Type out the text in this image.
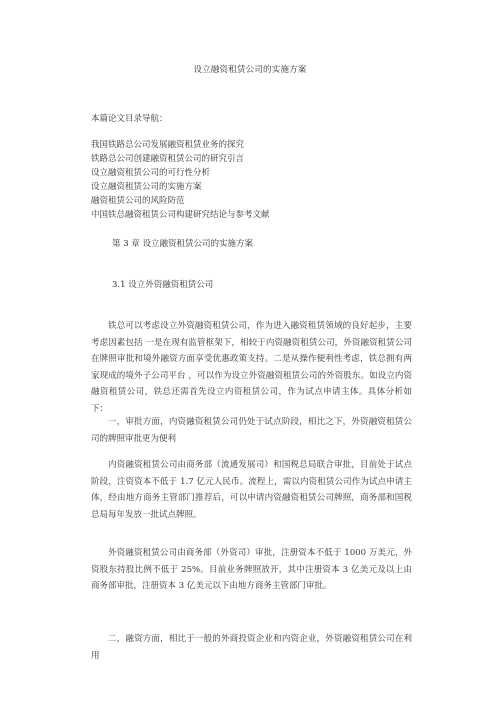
设立融资租赁公司的实施方案
本篇论文目录导航：
我国铁路总公司发展融资租赁业务的探究
铁路总公司创建融资租赁公司的研究引言
设立融资租赁公司的可行性分析
设立融资租赁公司的实施方案
融资租赁公司的风险防范
中国铁总融资租赁公司构建研究结论与参考文献
第 3 章 设立融资租赁公司的实施方案
3.1 设立外资融资租赁公司

铁总可以考虑设立外资融资租赁公司，作为进入融资租赁领域的良好起步，主要考虑因素包括 一是在现有监管框架下，相较于内资融资租赁公司，外资融资租赁公司在牌照审批和境外融资方面享受优惠政策支持。二是从操作便利性考虑，铁总拥有两家现成的境外子公司平台 ，可以作为设立外资融资租赁公司的外资股东。如设立内资融资租赁公司，铁总还需首先设立内资租赁公司，作为试点申请主体。具体分析如下：

一，审批方面，内资融资租赁公司仍处于试点阶段，相比之下，外资融资租赁公司的牌照审批更为便利

内资融资租赁公司由商务部（流通发展司）和国税总局联合审批，目前处于试点阶段，注资资本不低于 1.7 亿元人民币。流程上，需以内资租赁公司作为试点申请主体，经由地方商务主管部门推荐后，可以申请内资融资租赁公司牌照，商务部和国税总局每年发放一批试点牌照。

外资融资租赁公司由商务部（外资司）审批，注册资本不低于 1000 万美元，外资股东持股比例不低于 25%。目前业务牌照放开，其中注册资本 3 亿美元及以上由商务部审批，注册资本 3 亿美元以下由地方商务主管部门审批。

二，融资方面，相比于一般的外商投资企业和内资企业，外资融资租赁公司在利用
